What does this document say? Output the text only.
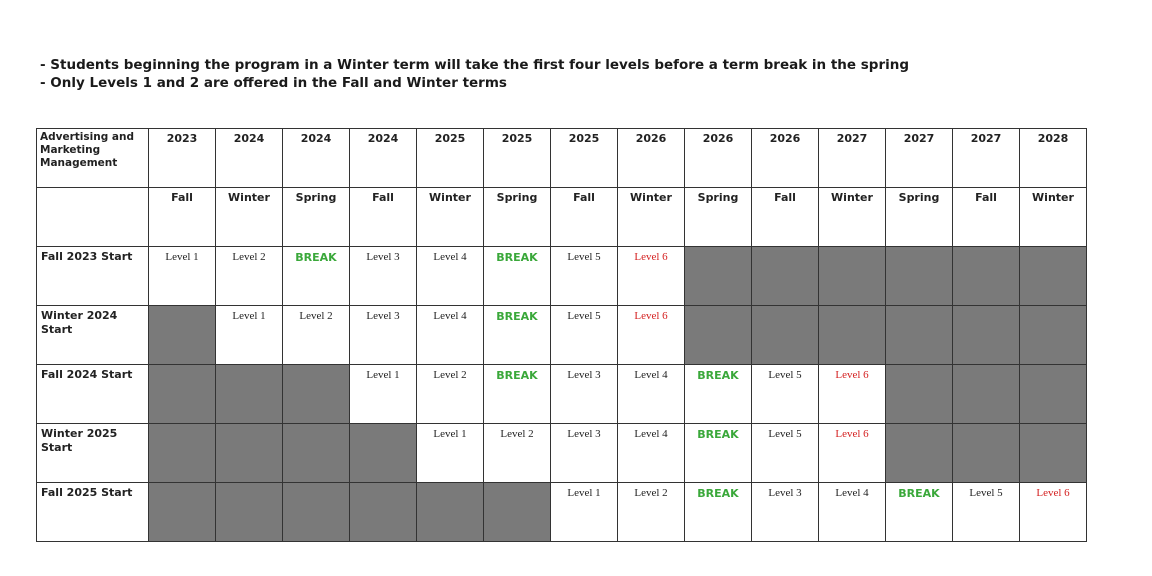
- Students beginning the program in a Winter term will take the first four levels before a term break in the spring
- Only Levels 1 and 2 are offered in the Fall and Winter terms
Advertising and Marketing Management	2023	2024	2024	2024	2025	2025	2025	2026	2026	2026	2027	2027	2027	2028
	Fall	Winter	Spring	Fall	Winter	Spring	Fall	Winter	Spring	Fall	Winter	Spring	Fall	Winter
Fall 2023 Start	Level 1	Level 2	BREAK	Level 3	Level 4	BREAK	Level 5	Level 6						
Winter 2024 Start		Level 1	Level 2	Level 3	Level 4	BREAK	Level 5	Level 6						
Fall 2024 Start				Level 1	Level 2	BREAK	Level 3	Level 4	BREAK	Level 5	Level 6			
Winter 2025 Start					Level 1	Level 2	Level 3	Level 4	BREAK	Level 5	Level 6			
Fall 2025 Start							Level 1	Level 2	BREAK	Level 3	Level 4	BREAK	Level 5	Level 6
